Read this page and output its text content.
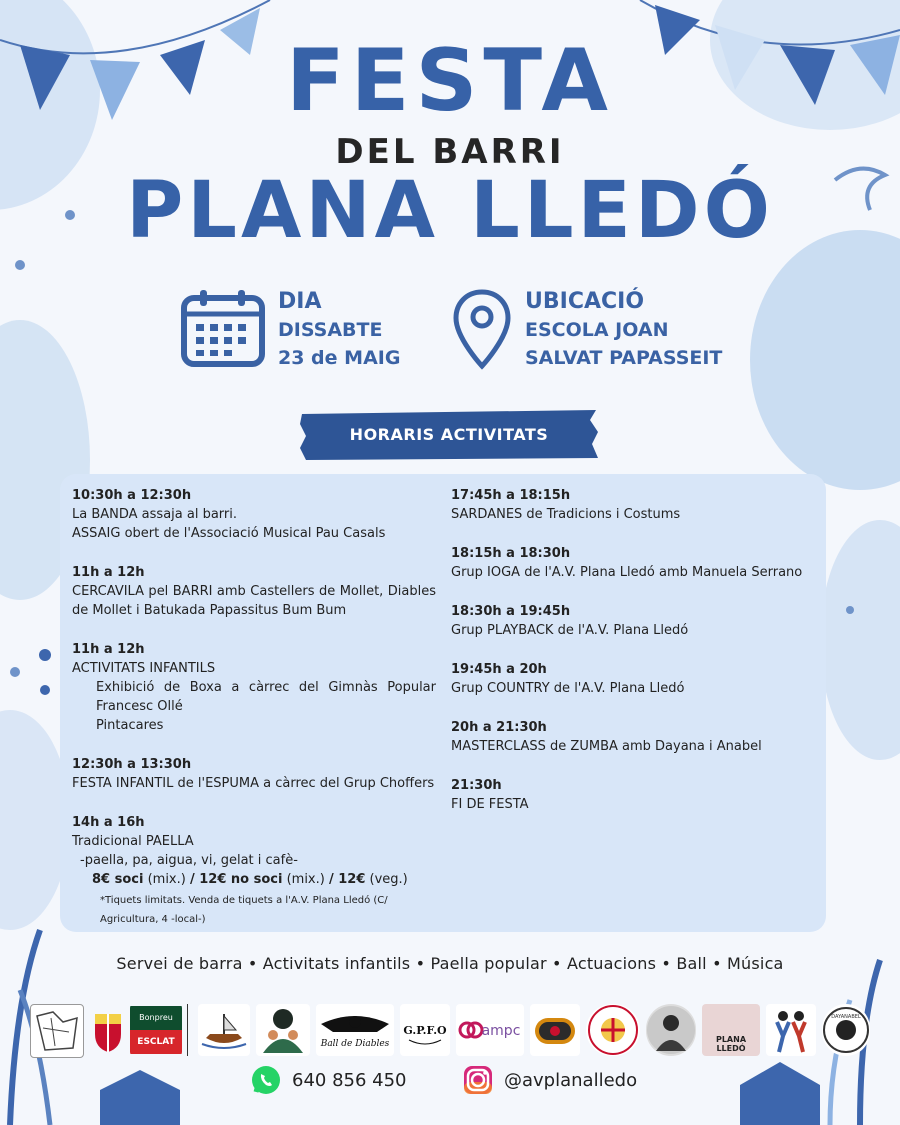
FESTA
DEL BARRI
PLANA LLEDÓ
DIA
DISSABTE
23 de MAIG
UBICACIÓ
ESCOLA JOAN
SALVAT PAPASSEIT
HORARIS ACTIVITATS
10:30h a 12:30h
La BANDA assaja al barri.
ASSAIG obert de l'Associació Musical Pau Casals
11h a 12h
CERCAVILA pel BARRI amb Castellers de Mollet, Diables de Mollet i Batukada Papassitus Bum Bum
11h a 12h
ACTIVITATS INFANTILS
Exhibició de Boxa a càrrec del Gimnàs Popular Francesc Ollé
Pintacares
12:30h a 13:30h
FESTA INFANTIL de l'ESPUMA a càrrec del Grup Choffers
14h a 16h
Tradicional PAELLA
-paella, pa, aigua, vi, gelat i cafè-
8€ soci (mix.) / 12€ no soci (mix.) / 12€ (veg.)
*Tiquets limitats. Venda de tiquets a l'A.V. Plana Lledó (C/ Agricultura, 4 -local-)
17:45h a 18:15h
SARDANES de Tradicions i Costums
18:15h a 18:30h
Grup IOGA de l'A.V. Plana Lledó amb Manuela Serrano
18:30h a 19:45h
Grup PLAYBACK de l'A.V. Plana Lledó
19:45h a 20h
Grup COUNTRY de l'A.V. Plana Lledó
20h a 21:30h
MASTERCLASS de ZUMBA amb Dayana i Anabel
21:30h
FI DE FESTA
Servei de barra • Activitats infantils • Paella popular • Actuacions • Ball • Música
Bonpreu
ESCLAT	Ball de Diables
G.P.F.O ampc
PLANA LLEDÓ
DAYANABEL
640 856 450	@avplanalledo
